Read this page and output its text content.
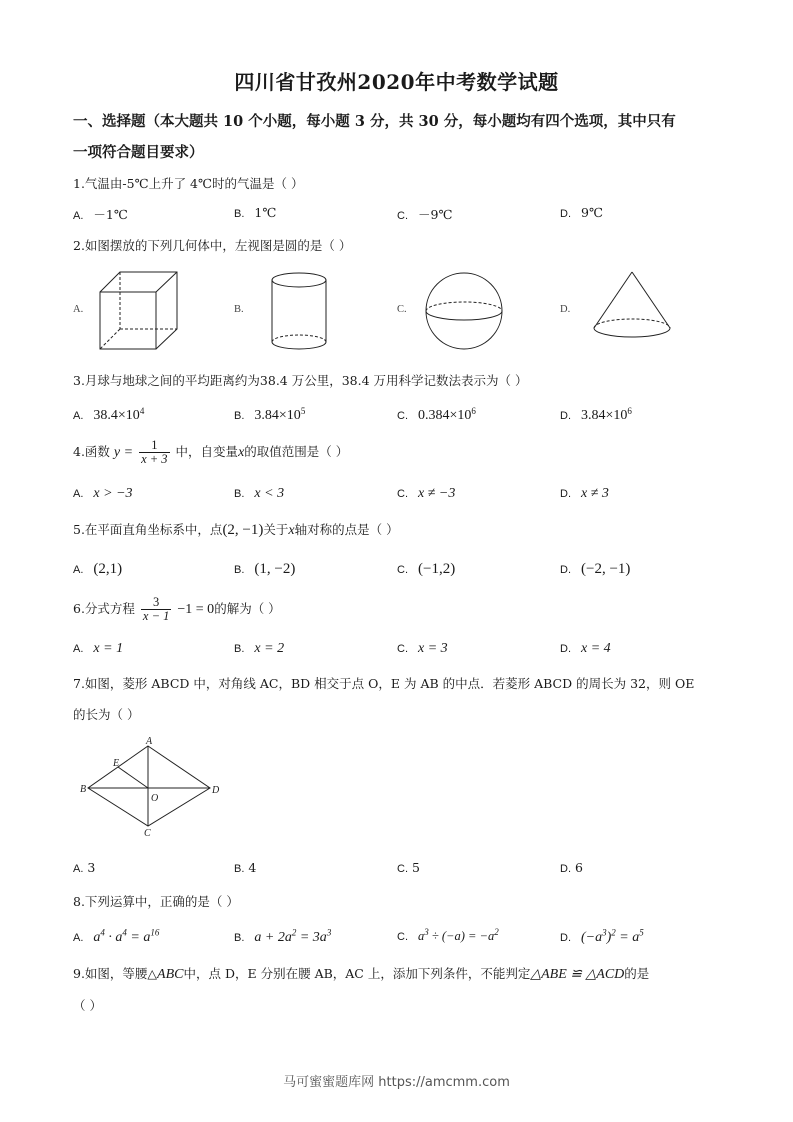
四川省甘孜州2020年中考数学试题
一、选择题（本大题共 10 个小题，每小题 3 分，共 30 分，每小题均有四个选项，其中只有
一项符合题目要求）
1.气温由-5℃上升了 4℃时的气温是（ ）
A. －1℃	B. 1℃	C. －9℃	D. 9℃
2.如图摆放的下列几何体中，左视图是圆的是（ ）
A.	B.	C.	D.
3.月球与地球之间的平均距离约为38.4 万公里，38.4 万用科学记数法表示为（ ）
A. $38.4\times 10^4$	B. $3.84\times 10^5$	C. $0.384\times 10^6$	D. $3.84\times 10^6$
4.函数 $y = \frac{1}{x + 3}$ 中，自变量x的取值范围是（ ）
A. x > −3	B. x < 3	C. x ≠ −3	D. x ≠ 3
5.在平面直角坐标系中，点(2, −1)关于x轴对称的点是（ ）
A. (2,1)	B. (1, −2)	C. (−1,2)	D. (−2, −1)
6.分式方程 $\frac{3}{x - 1} -1 = 0$的解为（ ）
A. x = 1	B. x = 2	C. x = 3	D. x = 4
7.如图，菱形 ABCD 中，对角线 AC，BD 相交于点 O，E 为 AB 的中点．若菱形 ABCD 的周长为 32，则 OE
的长为（ ）
A
B
C
D
E
O
A. 3	B. 4	C. 5	D. 6
8.下列运算中，正确的是（ ）
A. $a^4 \cdot a^4 = a^{16}$	B. $a + 2a^2 = 3a^3$	C. $a^3 \div (-a) = -a^2$	D. $(-a^3)^2 = a^5$
9.如图，等腰△ABC中，点 D，E 分别在腰 AB，AC 上，添加下列条件，不能判定△ABE ≌ △ACD的是
（ ）
马可蜜蜜题库网 https://amcmm.com
